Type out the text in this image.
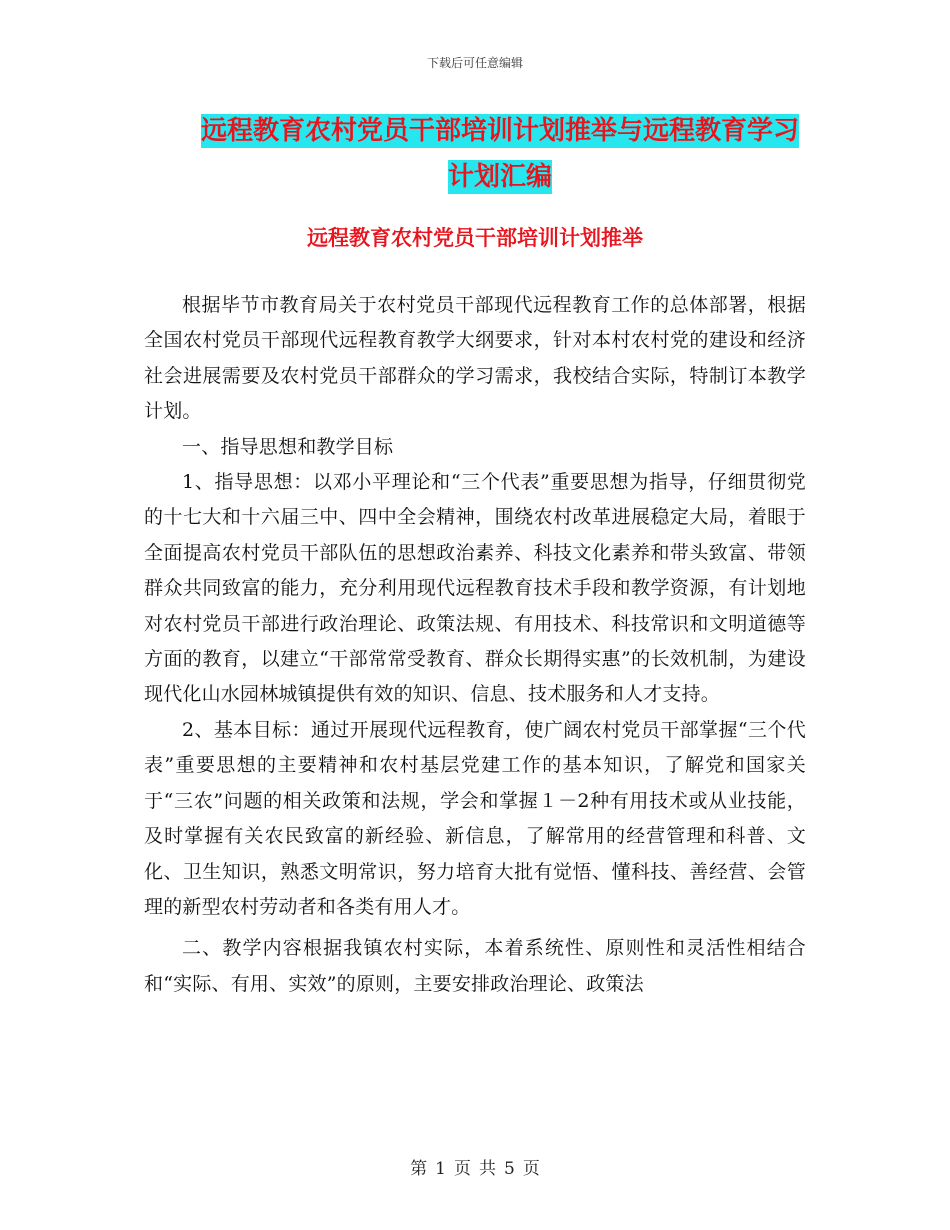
下载后可任意编辑
远程教育农村党员干部培训计划推举与远程教育学习
计划汇编
远程教育农村党员干部培训计划推举

根据毕节市教育局关于农村党员干部现代远程教育工作的总体部署，根据全国农村党员干部现代远程教育教学大纲要求，针对本村农村党的建设和经济社会进展需要及农村党员干部群众的学习需求，我校结合实际，特制订本教学计划。

一、指导思想和教学目标

1、指导思想：以邓小平理论和“三个代表”重要思想为指导，仔细贯彻党的十七大和十六届三中、四中全会精神，围绕农村改革进展稳定大局，着眼于全面提高农村党员干部队伍的思想政治素养、科技文化素养和带头致富、带领群众共同致富的能力，充分利用现代远程教育技术手段和教学资源，有计划地对农村党员干部进行政治理论、政策法规、有用技术、科技常识和文明道德等方面的教育，以建立“干部常常受教育、群众长期得实惠”的长效机制，为建设现代化山水园林城镇提供有效的知识、信息、技术服务和人才支持。

2、基本目标：通过开展现代远程教育，使广阔农村党员干部掌握“三个代表”重要思想的主要精神和农村基层党建工作的基本知识，了解党和国家关于“三农”问题的相关政策和法规，学会和掌握１－2种有用技术或从业技能，及时掌握有关农民致富的新经验、新信息，了解常用的经营管理和科普、文化、卫生知识，熟悉文明常识，努力培育大批有觉悟、懂科技、善经营、会管理的新型农村劳动者和各类有用人才。

二、教学内容根据我镇农村实际，本着系统性、原则性和灵活性相结合和“实际、有用、实效”的原则，主要安排政治理论、政策法

第 1 页 共 5 页
